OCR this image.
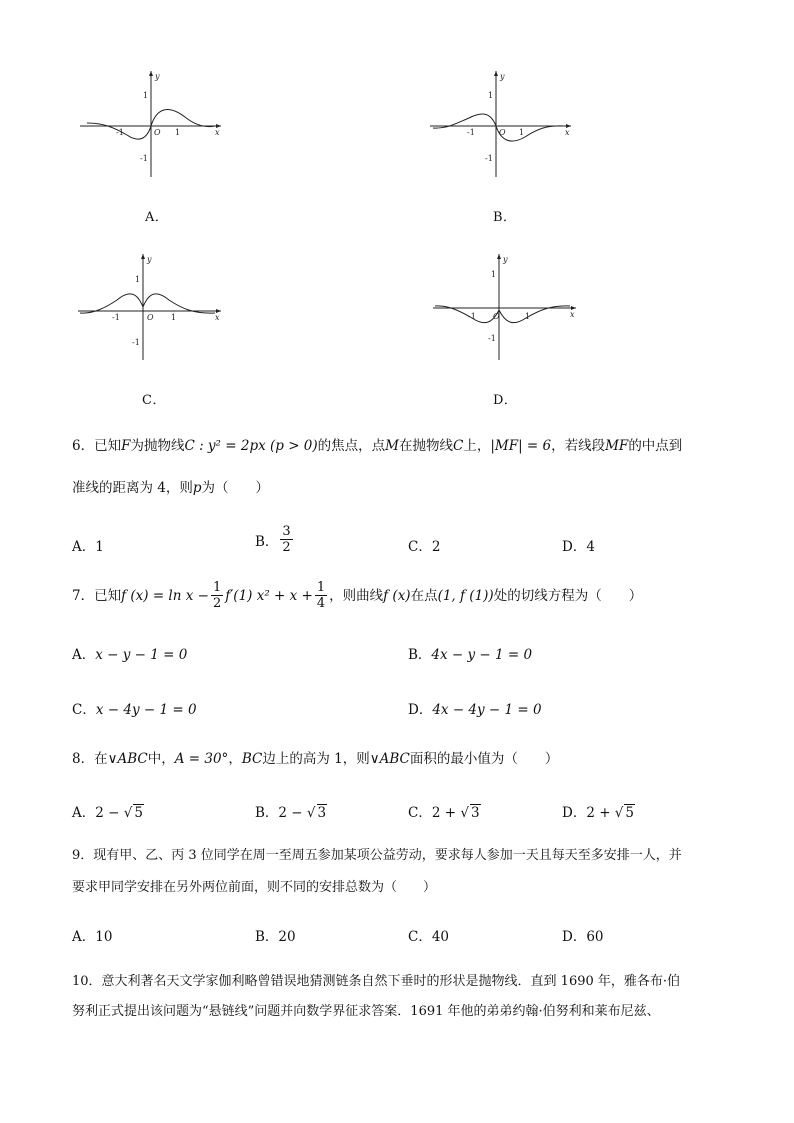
x
y
O
-1	1
1
-1
A．
x
y
O
-1	1
1
-1
B．
x
y
O
-1	1
1
-1
C．
x
y
O
-1	1
1
-1
D．
6．已知F为抛物线C : y² = 2px (p > 0)的焦点，点M在抛物线C上，|MF| = 6，若线段MF的中点到
准线的距离为 4，则p为（　　）
A．1	B． $\frac{3}{2}$	C．2	D．4
7．已知 f $(x) = \ln x - \frac{1}{2} f'(1) x^2 + x + \frac{1}{4}$ ，则曲线 f (x) 在点 (1, f (1)) 处的切线方程为（　　）
A．x − y − 1 = 0	B．4x − y − 1 = 0
C．x − 4y − 1 = 0	D．4x − 4y − 1 = 0
8．在∨ABC中，A = 30°，BC边上的高为 1，则∨ABC面积的最小值为（　　）
A．2 − √ 5	B．2 − √ 3	C．2 + √ 3	D．2 + √ 5
9．现有甲、乙、丙 3 位同学在周一至周五参加某项公益劳动，要求每人参加一天且每天至多安排一人，并
要求甲同学安排在另外两位前面，则不同的安排总数为（　　）
A．10	B．20	C．40	D．60
10．意大利著名天文学家伽利略曾错误地猜测链条自然下垂时的形状是抛物线．直到 1690 年，雅各布·伯
努利正式提出该问题为“悬链线”问题并向数学界征求答案．1691 年他的弟弟约翰·伯努利和莱布尼兹、
